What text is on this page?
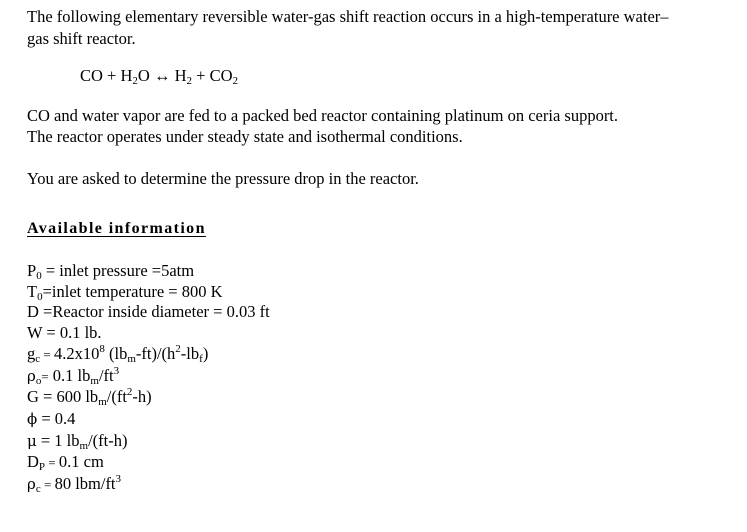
The following elementary reversible water-gas shift reaction occurs in a high-temperature water–
gas shift reactor.
CO + $H_2O$ ↔ $H_2 + CO_2$
CO and water vapor are fed to a packed bed reactor containing platinum on ceria support.
The reactor operates under steady state and isothermal conditions.
You are asked to determine the pressure drop in the reactor.
Available information
$P_0$ = inlet pressure =5atm
$T_0=inlet$ temperature = 800 K
D =Reactor inside diameter = 0.03 ft
W = 0.1 lb.
$g_c = 4.2x10^8$ $(lb_m-ft)/(h^2-lb_f)$
$\rho_o= 0.1$ $lb_m/ft^3$
G = 600 $lb_m/(ft^2-h)$
ϕ = 0.4
μ = 1 $lb_m/(ft-h)$
$D_P = 0.1$ cm
$\rho_c = 80$ lbm/$ft^3$
